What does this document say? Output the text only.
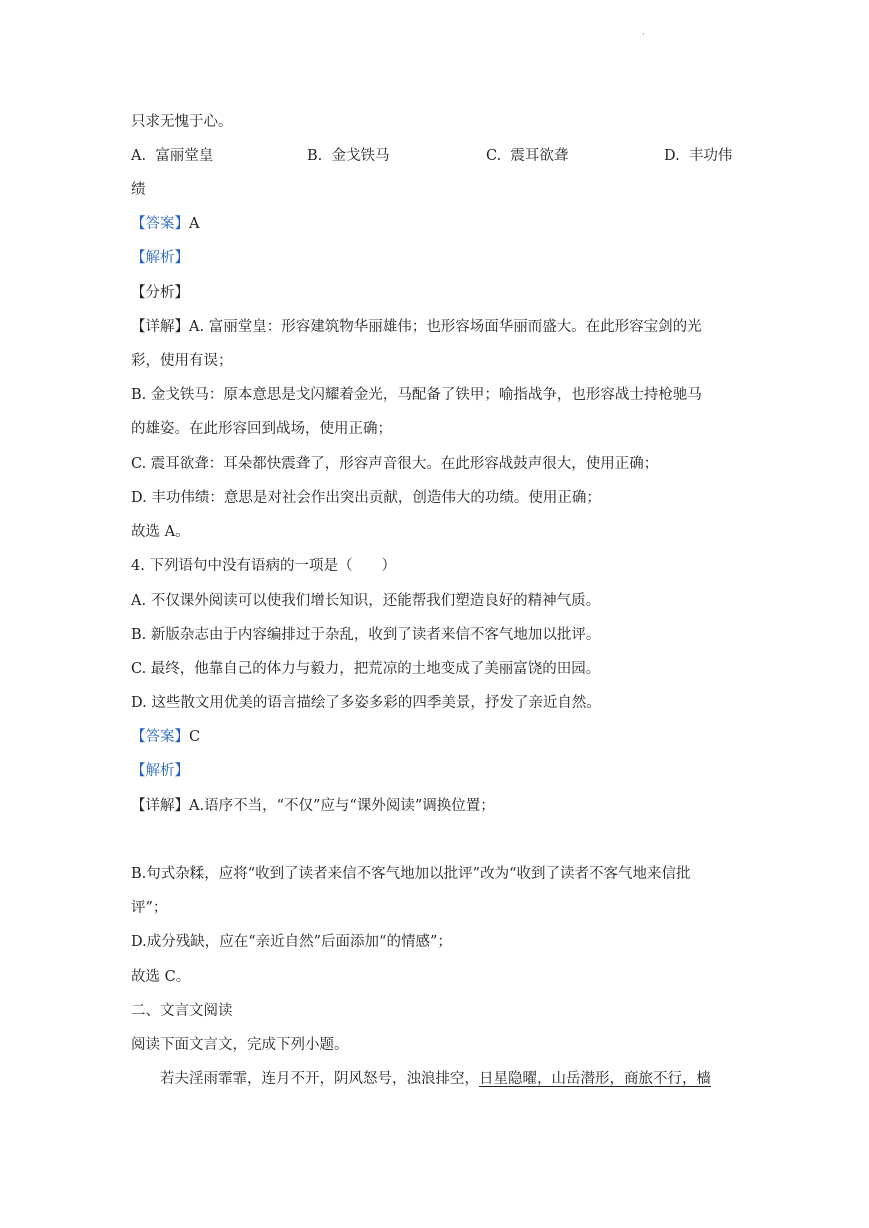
·
只求无愧于心。
A. 富丽堂皇	B. 金戈铁马	C. 震耳欲聋	D. 丰功伟
绩
【答案】A
【解析】
【分析】
【详解】A. 富丽堂皇：形容建筑物华丽雄伟；也形容场面华丽而盛大。在此形容宝剑的光
彩，使用有误；
B. 金戈铁马：原本意思是戈闪耀着金光，马配备了铁甲；喻指战争，也形容战士持枪驰马
的雄姿。在此形容回到战场，使用正确；
C. 震耳欲聋：耳朵都快震聋了，形容声音很大。在此形容战鼓声很大，使用正确；
D. 丰功伟绩：意思是对社会作出突出贡献，创造伟大的功绩。使用正确；
故选 A。
4. 下列语句中没有语病的一项是（　　）
A. 不仅课外阅读可以使我们增长知识，还能帮我们塑造良好的精神气质。
B. 新版杂志由于内容编排过于杂乱，收到了读者来信不客气地加以批评。
C. 最终，他靠自己的体力与毅力，把荒凉的土地变成了美丽富饶的田园。
D. 这些散文用优美的语言描绘了多姿多彩的四季美景，抒发了亲近自然。
【答案】C
【解析】
【详解】A.语序不当，“不仅”应与“课外阅读”调换位置；
B.句式杂糅，应将“收到了读者来信不客气地加以批评”改为“收到了读者不客气地来信批
评”；
D.成分残缺，应在“亲近自然”后面添加“的情感”；
故选 C。
二、文言文阅读
阅读下面文言文，完成下列小题。
若夫淫雨霏霏，连月不开，阴风怒号，浊浪排空，日星隐曜，山岳潜形，商旅不行，樯
